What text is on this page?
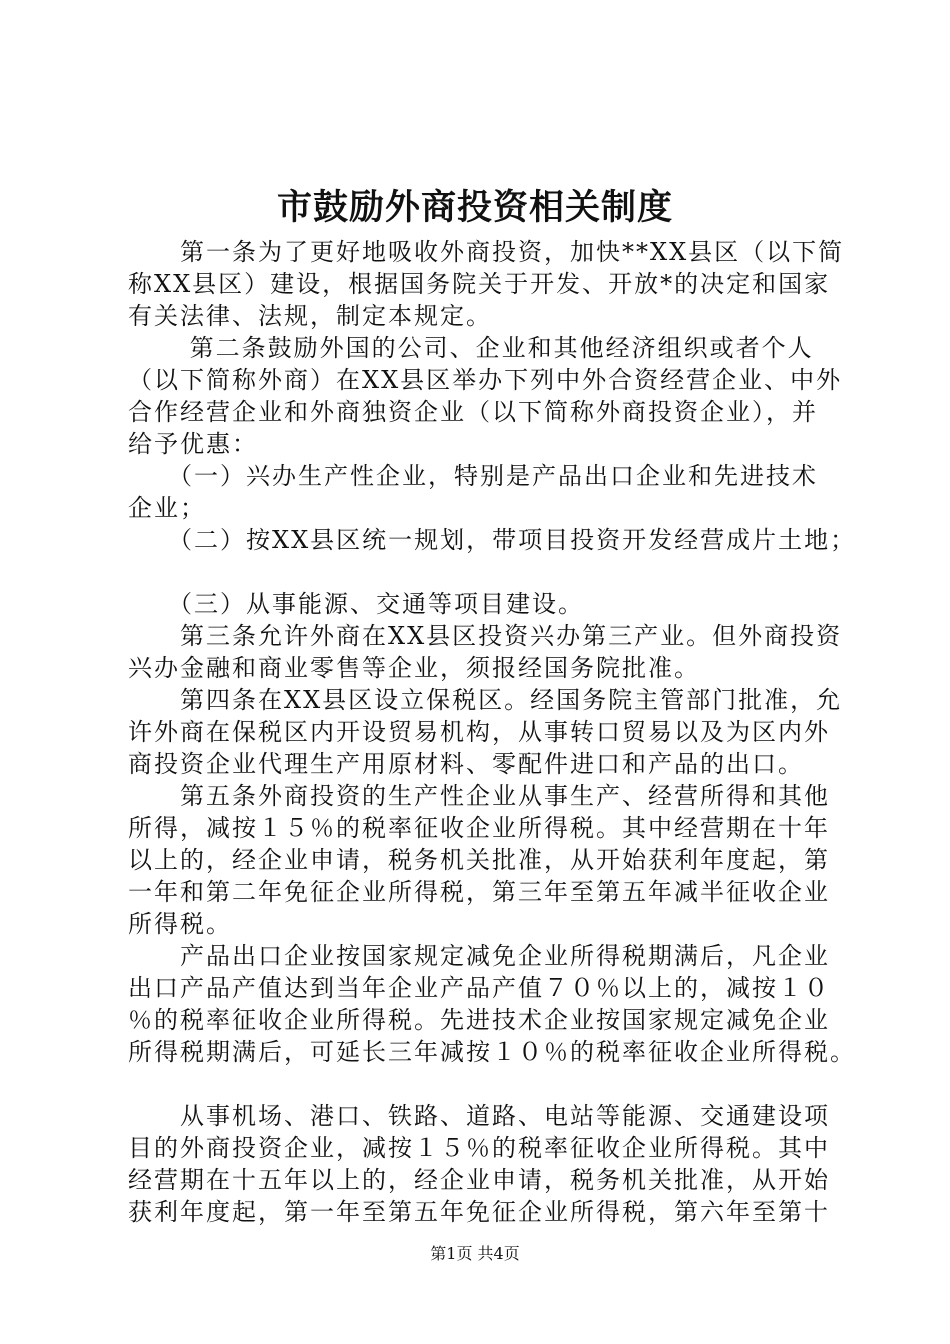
市鼓励外商投资相关制度
　　第一条为了更好地吸收外商投资，加快**XX县区（以下简
称XX县区）建设，根据国务院关于开发、开放*的决定和国家
有关法律、法规，制定本规定。
　　 第二条鼓励外国的公司、企业和其他经济组织或者个人
（以下简称外商）在XX县区举办下列中外合资经营企业、中外
合作经营企业和外商独资企业（以下简称外商投资企业），并
给予优惠：
　　（一）兴办生产性企业，特别是产品出口企业和先进技术
企业；
　　（二）按XX县区统一规划，带项目投资开发经营成片土地；
　　（三）从事能源、交通等项目建设。
　　第三条允许外商在XX县区投资兴办第三产业。但外商投资
兴办金融和商业零售等企业，须报经国务院批准。
　　第四条在XX县区设立保税区。经国务院主管部门批准，允
许外商在保税区内开设贸易机构，从事转口贸易以及为区内外
商投资企业代理生产用原材料、零配件进口和产品的出口。
　　第五条外商投资的生产性企业从事生产、经营所得和其他
所得，减按１５％的税率征收企业所得税。其中经营期在十年
以上的，经企业申请，税务机关批准，从开始获利年度起，第
一年和第二年免征企业所得税，第三年至第五年减半征收企业
所得税。
　　产品出口企业按国家规定减免企业所得税期满后，凡企业
出口产品产值达到当年企业产品产值７０％以上的，减按１０
％的税率征收企业所得税。先进技术企业按国家规定减免企业
所得税期满后，可延长三年减按１０％的税率征收企业所得税。
　　从事机场、港口、铁路、道路、电站等能源、交通建设项
目的外商投资企业，减按１５％的税率征收企业所得税。其中
经营期在十五年以上的，经企业申请，税务机关批准，从开始
获利年度起，第一年至第五年免征企业所得税，第六年至第十
第1页 共4页
